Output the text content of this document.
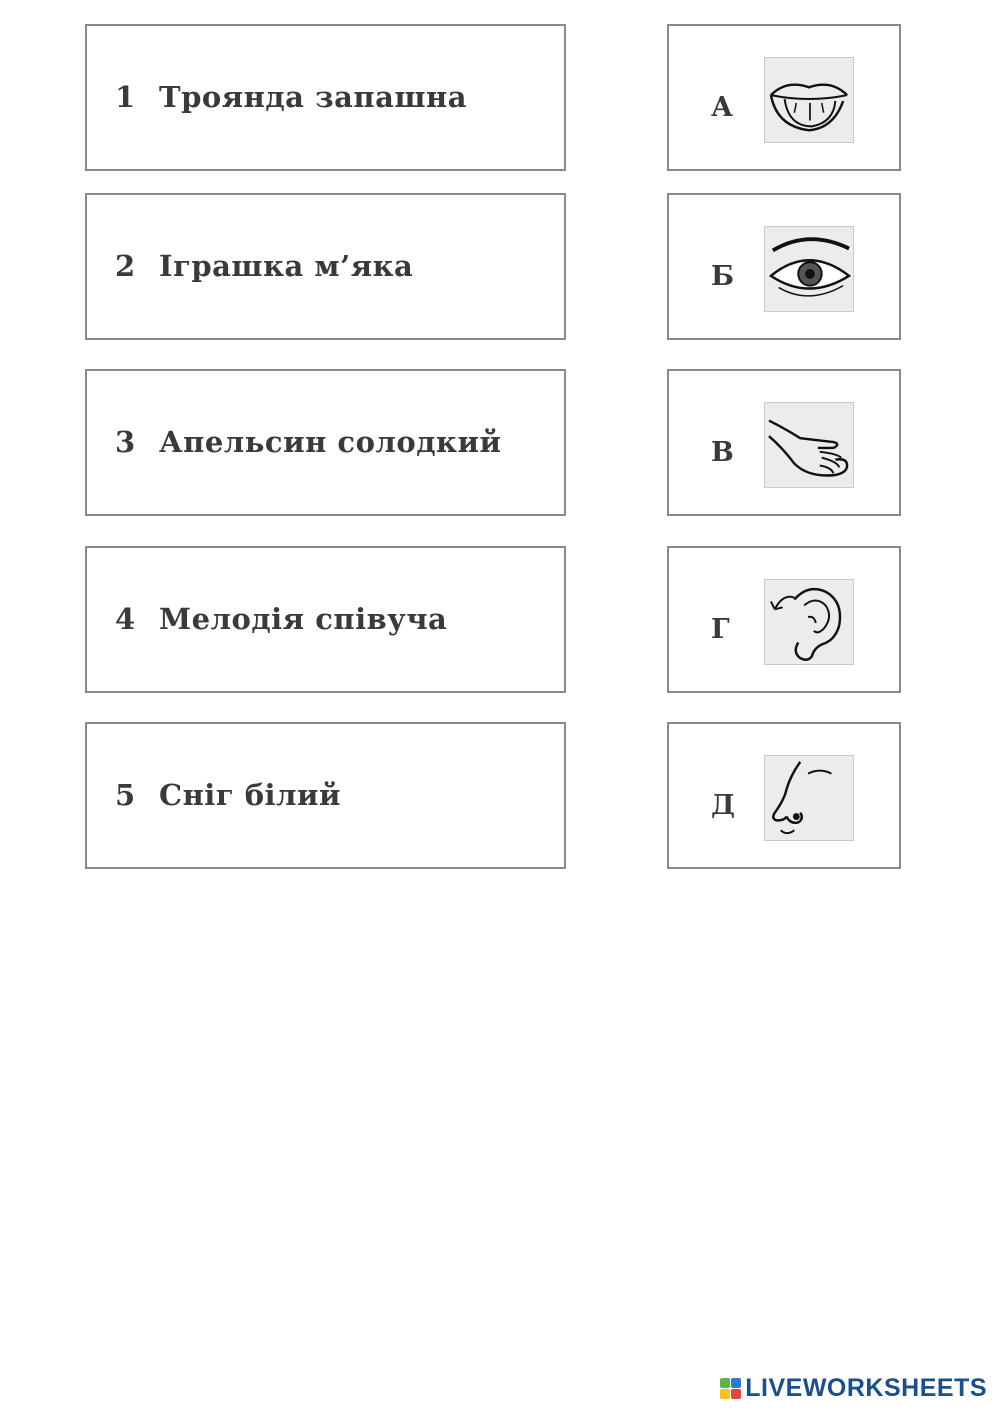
1 Троянда запашна
2 Іграшка м’яка
3 Апельсин солодкий
4 Мелодія співуча
5 Сніг білий
А
Б
В
Г
Д
LIVEWORKSHEETS
